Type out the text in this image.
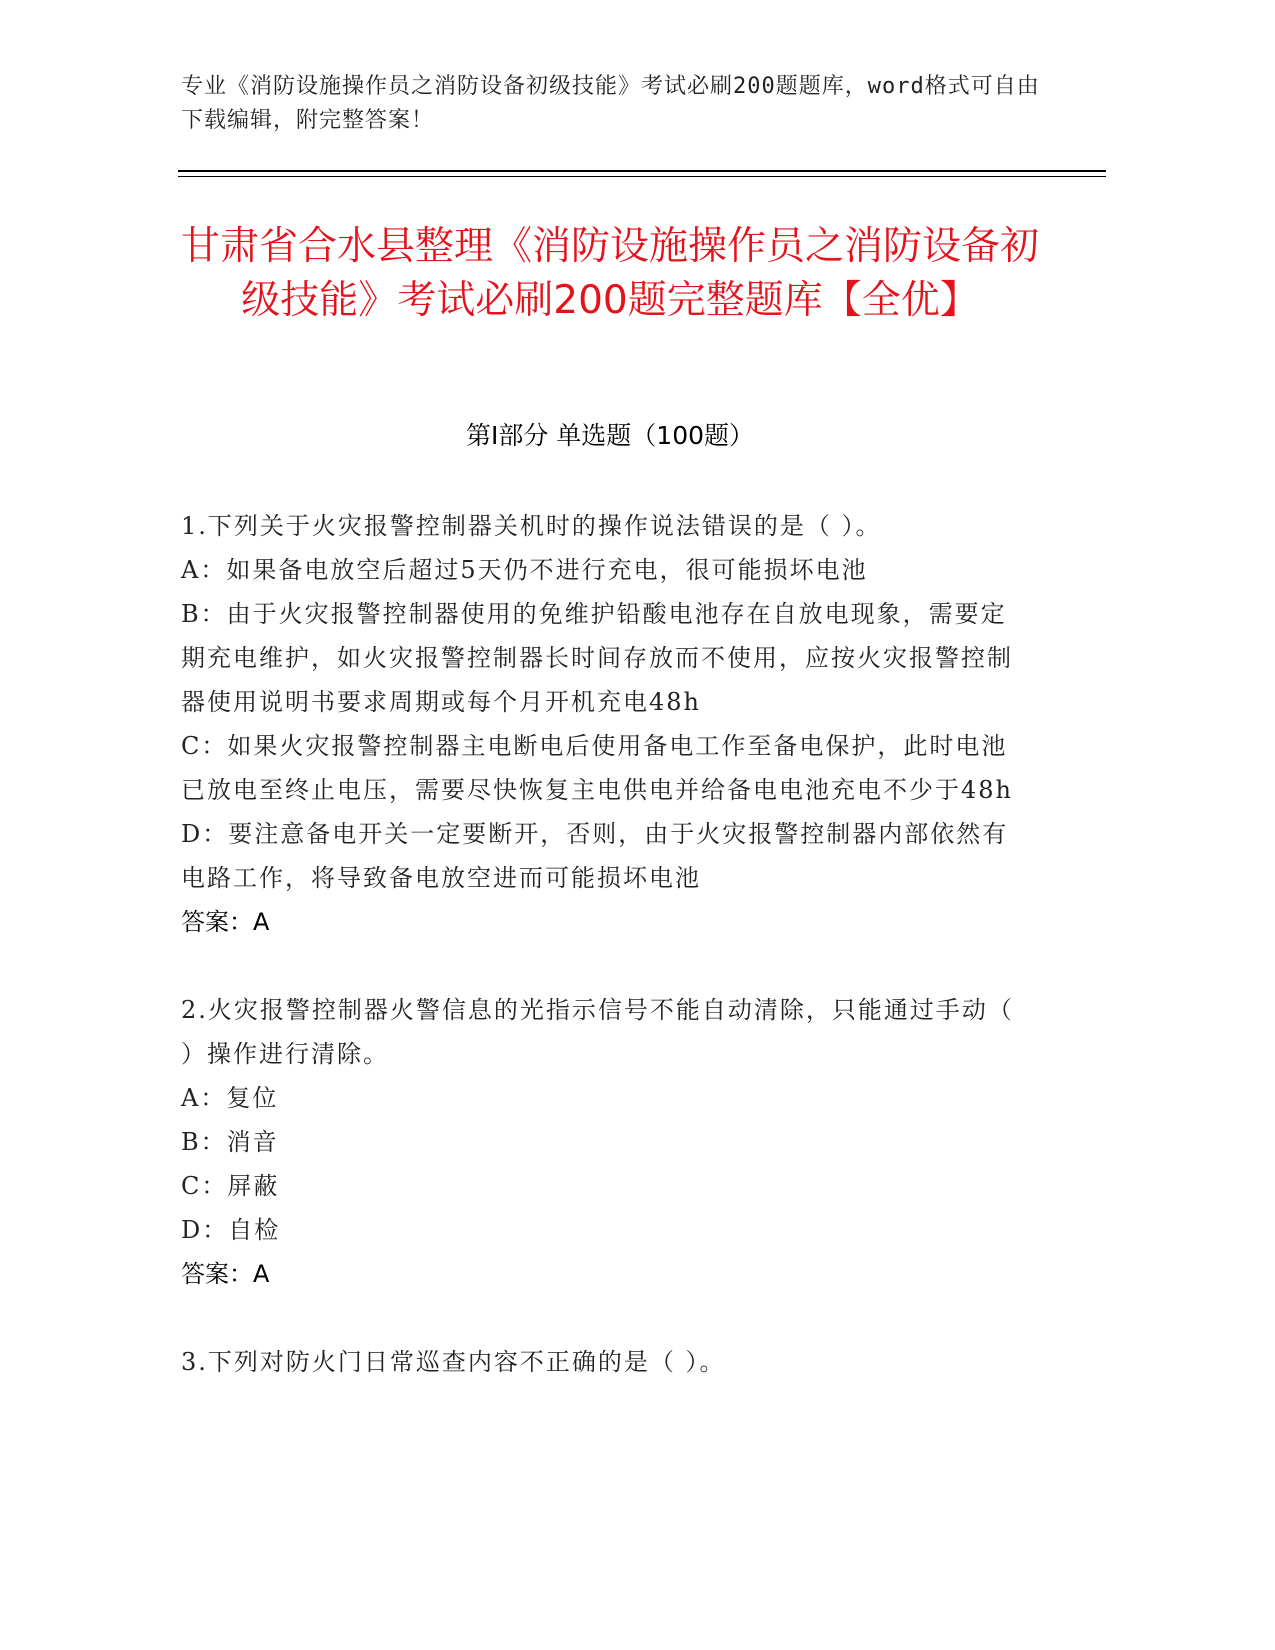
专业《消防设施操作员之消防设备初级技能》考试必刷200题题库，word格式可自由下载编辑，附完整答案！
甘肃省合水县整理《消防设施操作员之消防设备初级技能》考试必刷200题完整题库【全优】
第I部分 单选题（100题）
1.下列关于火灾报警控制器关机时的操作说法错误的是（ ）。
A：如果备电放空后超过5天仍不进行充电，很可能损坏电池
B：由于火灾报警控制器使用的免维护铅酸电池存在自放电现象，需要定期充电维护，如火灾报警控制器长时间存放而不使用，应按火灾报警控制器使用说明书要求周期或每个月开机充电48h
C：如果火灾报警控制器主电断电后使用备电工作至备电保护，此时电池已放电至终止电压，需要尽快恢复主电供电并给备电电池充电不少于48h
D：要注意备电开关一定要断开，否则，由于火灾报警控制器内部依然有电路工作，将导致备电放空进而可能损坏电池
答案：A
2.火灾报警控制器火警信息的光指示信号不能自动清除，只能通过手动（ ）操作进行清除。
A：复位
B：消音
C：屏蔽
D：自检
答案：A
3.下列对防火门日常巡查内容不正确的是（ ）。
